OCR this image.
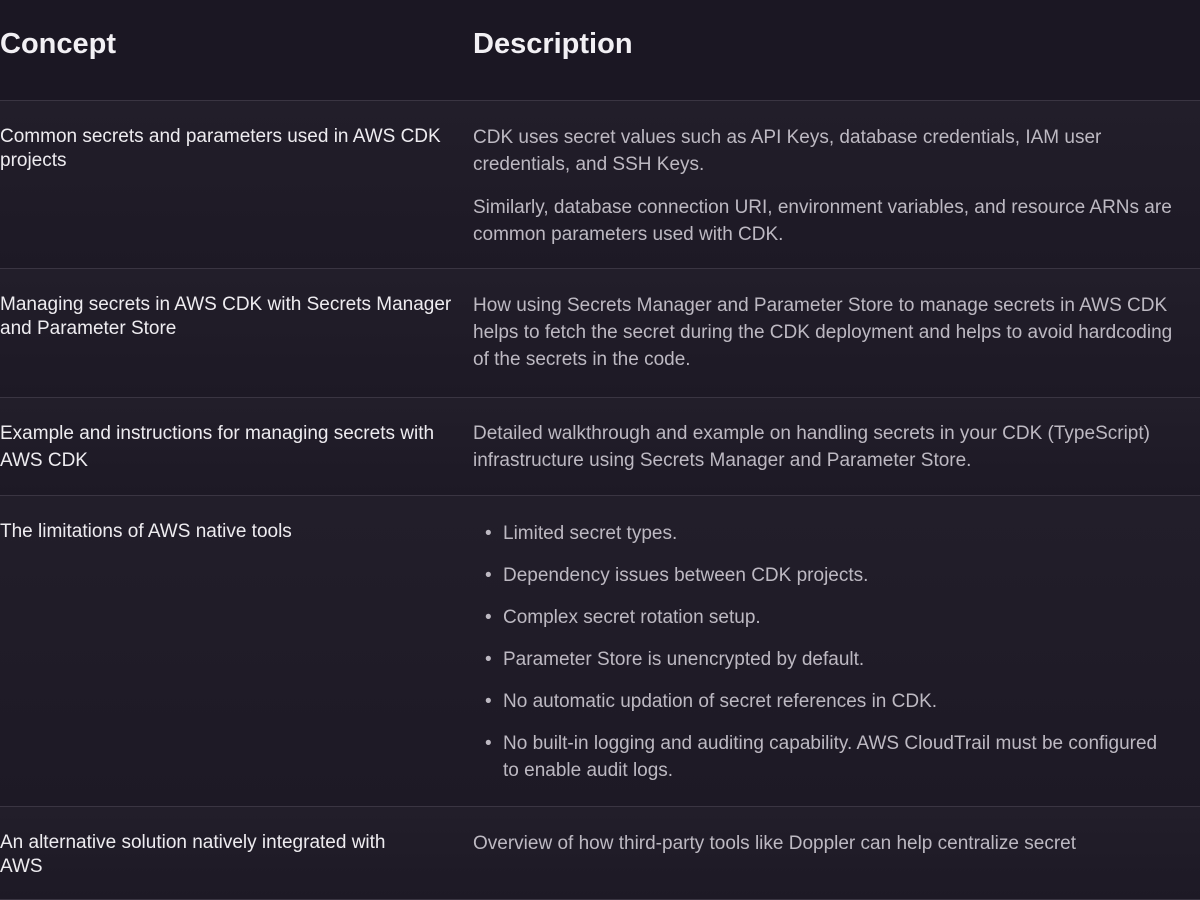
Concept	Description
Common secrets and parameters used in AWS CDK projects

CDK uses secret values such as API Keys, database credentials, IAM user credentials, and SSH Keys.

Similarly, database connection URI, environment variables, and resource ARNs are common parameters used with CDK.

Managing secrets in AWS CDK with Secrets Manager and Parameter Store

How using Secrets Manager and Parameter Store to manage secrets in AWS CDK helps to fetch the secret during the CDK deployment and helps to avoid hardcoding of the secrets in the code.

Example and instructions for managing secrets with AWS CDK

Detailed walkthrough and example on handling secrets in your CDK (TypeScript) infrastructure using Secrets Manager and Parameter Store.

The limitations of AWS native tools	• Limited secret types.
• Dependency issues between CDK projects.
• Complex secret rotation setup.
• Parameter Store is unencrypted by default.
• No automatic updation of secret references in CDK.
• No built-in logging and auditing capability. AWS CloudTrail must be configured to enable audit logs.
An alternative solution natively integrated with AWS

Overview of how third-party tools like Doppler can help centralize secret
